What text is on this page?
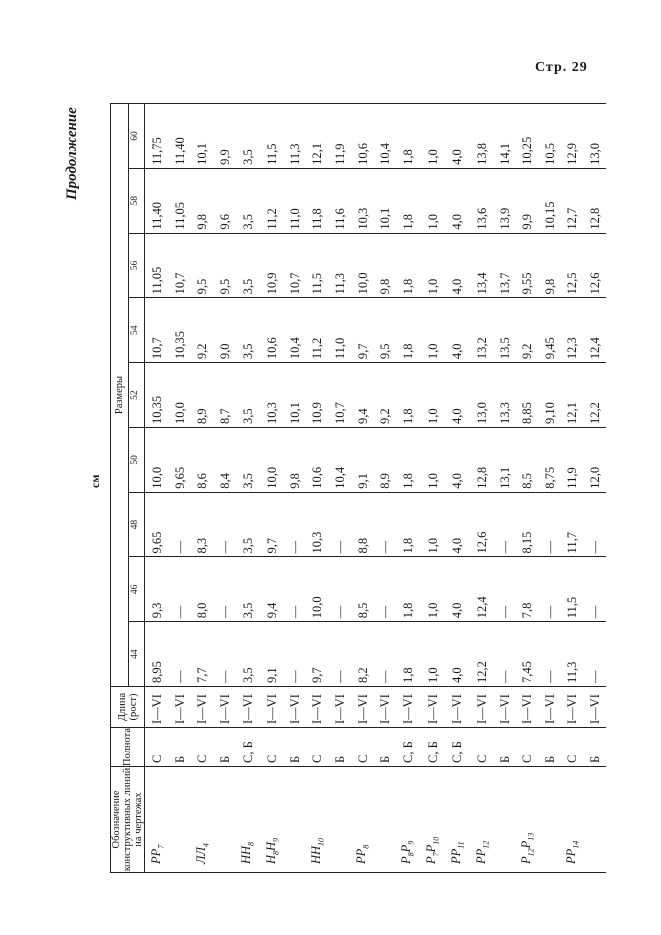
Стр. 29
Продолжение
см
Обозначение конструктивных линий на чертежах	Полнота	Длина (рост)	Размеры								
			44	46	48	50	52	54	56	58	60
$PP_7$	С	I—VI	8,95	9,3	9,65	10,0	10,35	10,7	11,05	11,40	11,75
	Б	I—VI	—	—	—	9,65	10,0	10,35	10,7	11,05	11,40
$ЛЛ_4$	С	I—VI	7,7	8,0	8,3	8,6	8,9	9,2	9,5	9,8	10,1
	Б	I—VI	—	—	—	8,4	8,7	9,0	9,5	9,6	9,9
$HH_8$	С, Б	I—VI	3,5	3,5	3,5	3,5	3,5	3,5	3,5	3,5	3,5
$H_8H_9$	С	I—VI	9,1	9,4	9,7	10,0	10,3	10,6	10,9	11,2	11,5
	Б	I—VI	—	—	—	9,8	10,1	10,4	10,7	11,0	11,3
$HH_{10}$	С	I—VI	9,7	10,0	10,3	10,6	10,9	11,2	11,5	11,8	12,1
	Б	I—VI	—	—	—	10,4	10,7	11,0	11,3	11,6	11,9
$PP_8$	С	I—VI	8,2	8,5	8,8	9,1	9,4	9,7	10,0	10,3	10,6
	Б	I—VI	—	—	—	8,9	9,2	9,5	9,8	10,1	10,4
$P_8P_9$	С, Б	I—VI	1,8	1,8	1,8	1,8	1,8	1,8	1,8	1,8	1,8
$P_7P_{10}$	С, Б	I—VI	1,0	1,0	1,0	1,0	1,0	1,0	1,0	1,0	1,0
$PP_{11}$	С, Б	I—VI	4,0	4,0	4,0	4,0	4,0	4,0	4,0	4,0	4,0
$PP_{12}$	С	I—VI	12,2	12,4	12,6	12,8	13,0	13,2	13,4	13,6	13,8
	Б	I—VI	—	—	—	13,1	13,3	13,5	13,7	13,9	14,1
$P_{12}P_{13}$	С	I—VI	7,45	7,8	8,15	8,5	8,85	9,2	9,55	9,9	10,25
	Б	I—VI	—	—	—	8,75	9,10	9,45	9,8	10,15	10,5
$PP_{14}$	С	I—VI	11,3	11,5	11,7	11,9	12,1	12,3	12,5	12,7	12,9
	Б	I—VI	—	—	—	12,0	12,2	12,4	12,6	12,8	13,0
